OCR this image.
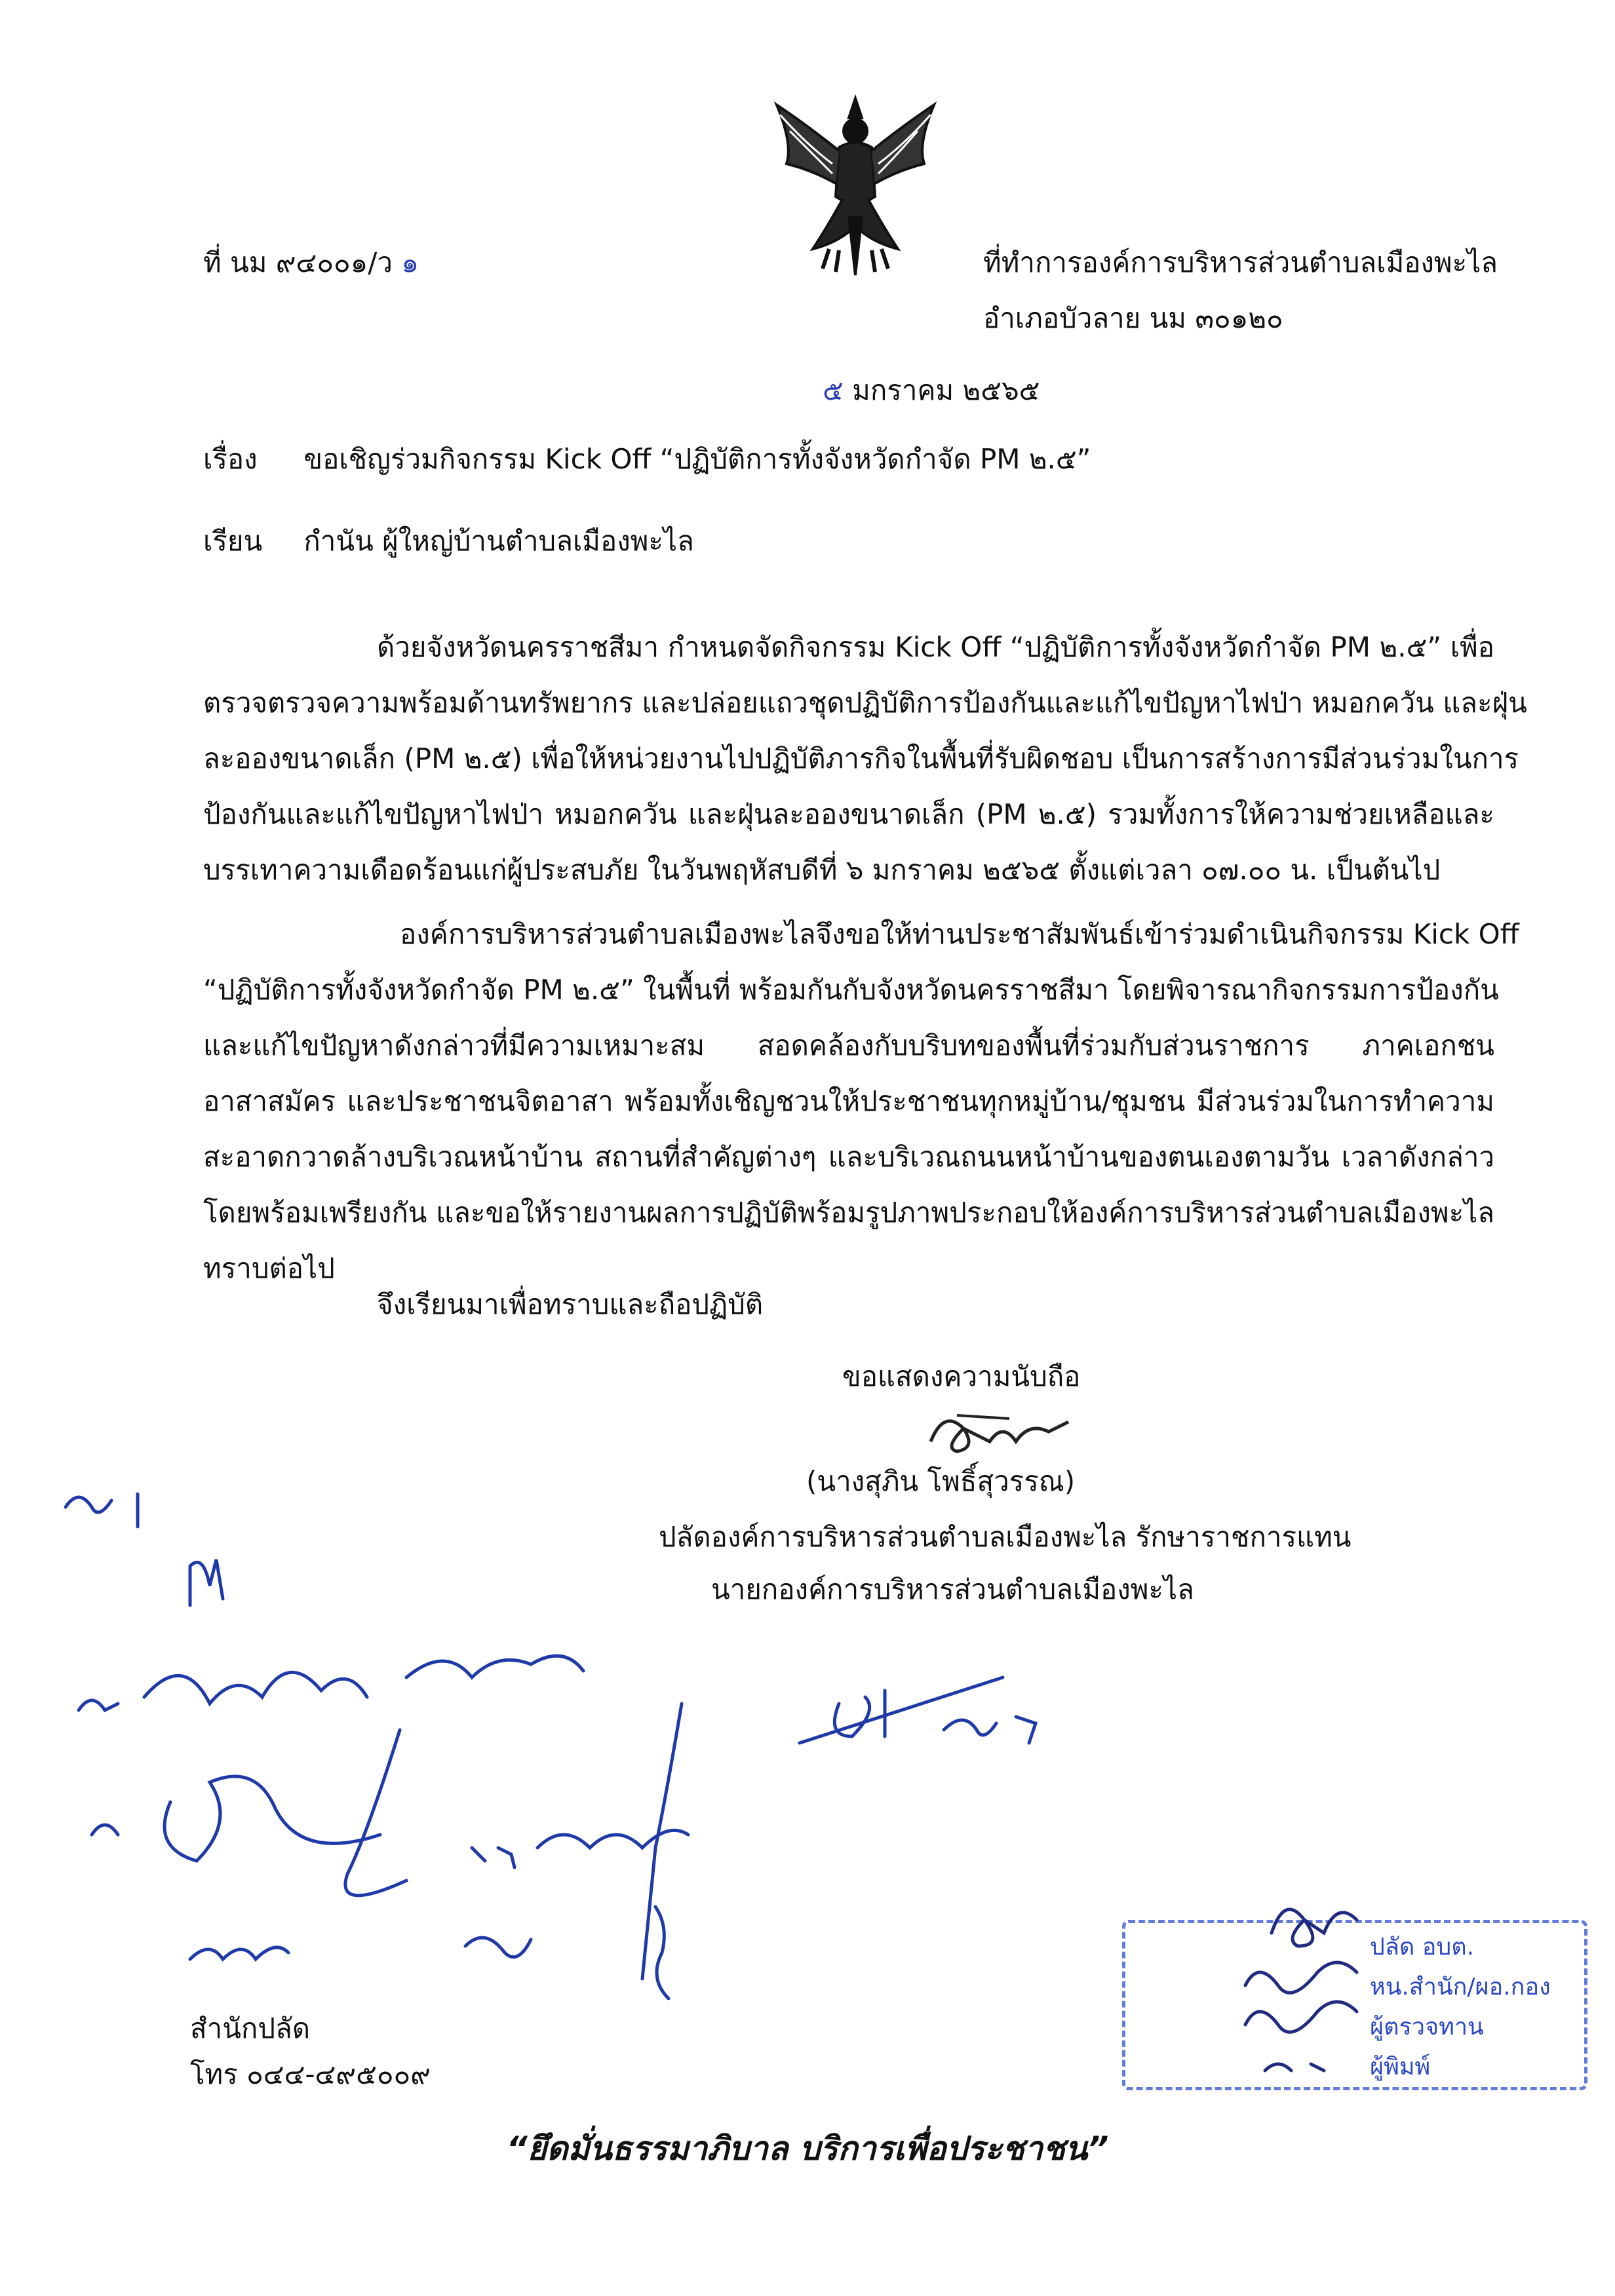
ที่ นม ๙๔๐๐๑/ว ๑	ที่ทำการองค์การบริหารส่วนตำบลเมืองพะไล
อำเภอบัวลาย นม ๓๐๑๒๐
๕ มกราคม ๒๕๖๕
เรื่อง ขอเชิญร่วมกิจกรรม Kick Off “ปฏิบัติการทั้งจังหวัดกำจัด PM ๒.๕”
เรียน กำนัน ผู้ใหญ่บ้านตำบลเมืองพะไล
ด้วยจังหวัดนครราชสีมา กำหนดจัดกิจกรรม Kick Off “ปฏิบัติการทั้งจังหวัดกำจัด PM ๒.๕” เพื่อ
ตรวจตรวจความพร้อมด้านทรัพยากร และปล่อยแถวชุดปฏิบัติการป้องกันและแก้ไขปัญหาไฟป่า หมอกควัน และฝุ่น
ละอองขนาดเล็ก (PM ๒.๕) เพื่อให้หน่วยงานไปปฏิบัติภารกิจในพื้นที่รับผิดชอบ เป็นการสร้างการมีส่วนร่วมในการ
ป้องกันและแก้ไขปัญหาไฟป่า หมอกควัน และฝุ่นละอองขนาดเล็ก (PM ๒.๕) รวมทั้งการให้ความช่วยเหลือและ
บรรเทาความเดือดร้อนแก่ผู้ประสบภัย ในวันพฤหัสบดีที่ ๖ มกราคม ๒๕๖๕ ตั้งแต่เวลา ๐๗.๐๐ น. เป็นต้นไป
องค์การบริหารส่วนตำบลเมืองพะไลจึงขอให้ท่านประชาสัมพันธ์เข้าร่วมดำเนินกิจกรรม Kick Off
“ปฏิบัติการทั้งจังหวัดกำจัด PM ๒.๕” ในพื้นที่ พร้อมกันกับจังหวัดนครราชสีมา โดยพิจารณากิจกรรมการป้องกัน
และแก้ไขปัญหาดังกล่าวที่มีความเหมาะสม สอดคล้องกับบริบทของพื้นที่ร่วมกับส่วนราชการ ภาคเอกชน
อาสาสมัคร และประชาชนจิตอาสา พร้อมทั้งเชิญชวนให้ประชาชนทุกหมู่บ้าน/ชุมชน มีส่วนร่วมในการทำความ
สะอาดกวาดล้างบริเวณหน้าบ้าน สถานที่สำคัญต่างๆ และบริเวณถนนหน้าบ้านของตนเองตามวัน เวลาดังกล่าว
โดยพร้อมเพรียงกัน และขอให้รายงานผลการปฏิบัติพร้อมรูปภาพประกอบให้องค์การบริหารส่วนตำบลเมืองพะไล
ทราบต่อไป
จึงเรียนมาเพื่อทราบและถือปฏิบัติ
ขอแสดงความนับถือ
(นางสุภิน โพธิ์สุวรรณ)
ปลัดองค์การบริหารส่วนตำบลเมืองพะไล รักษาราชการแทน
นายกองค์การบริหารส่วนตำบลเมืองพะไล
ปลัด อบต.
หน.สำนัก/ผอ.กอง
ผู้ตรวจทาน
ผู้พิมพ์
สำนักปลัด
โทร ๐๔๔-๔๙๕๐๐๙
“ยึดมั่นธรรมาภิบาล บริการเพื่อประชาชน”
